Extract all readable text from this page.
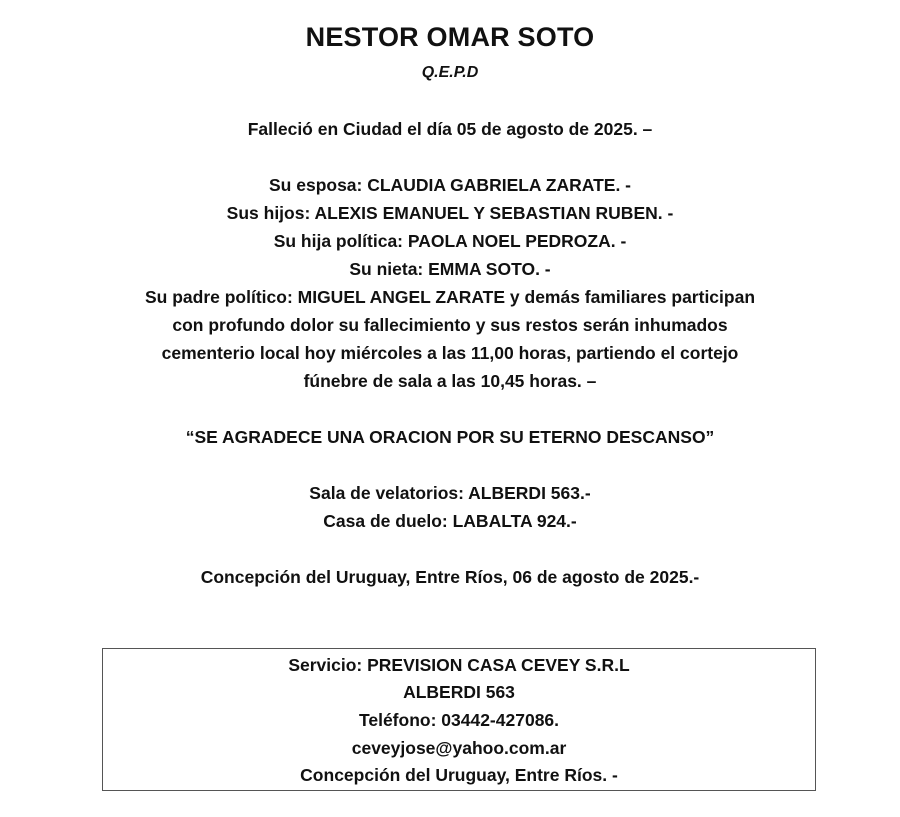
NESTOR OMAR SOTO
Q.E.P.D
Falleció en Ciudad el día 05 de agosto de 2025. –
Su esposa: CLAUDIA GABRIELA ZARATE. -
Sus hijos: ALEXIS EMANUEL Y SEBASTIAN RUBEN. -
Su hija política: PAOLA NOEL PEDROZA. -
Su nieta: EMMA SOTO. -
Su padre político: MIGUEL ANGEL ZARATE y demás familiares participan
con profundo dolor su fallecimiento y sus restos serán inhumados
cementerio local hoy miércoles a las 11,00 horas, partiendo el cortejo
fúnebre de sala a las 10,45 horas. –
“SE AGRADECE UNA ORACION POR SU ETERNO DESCANSO”
Sala de velatorios: ALBERDI 563.-
Casa de duelo: LABALTA 924.-
Concepción del Uruguay, Entre Ríos, 06 de agosto de 2025.-
Servicio: PREVISION CASA CEVEY S.R.L
ALBERDI 563
Teléfono: 03442-427086.
ceveyjose@yahoo.com.ar
Concepción del Uruguay, Entre Ríos. -
